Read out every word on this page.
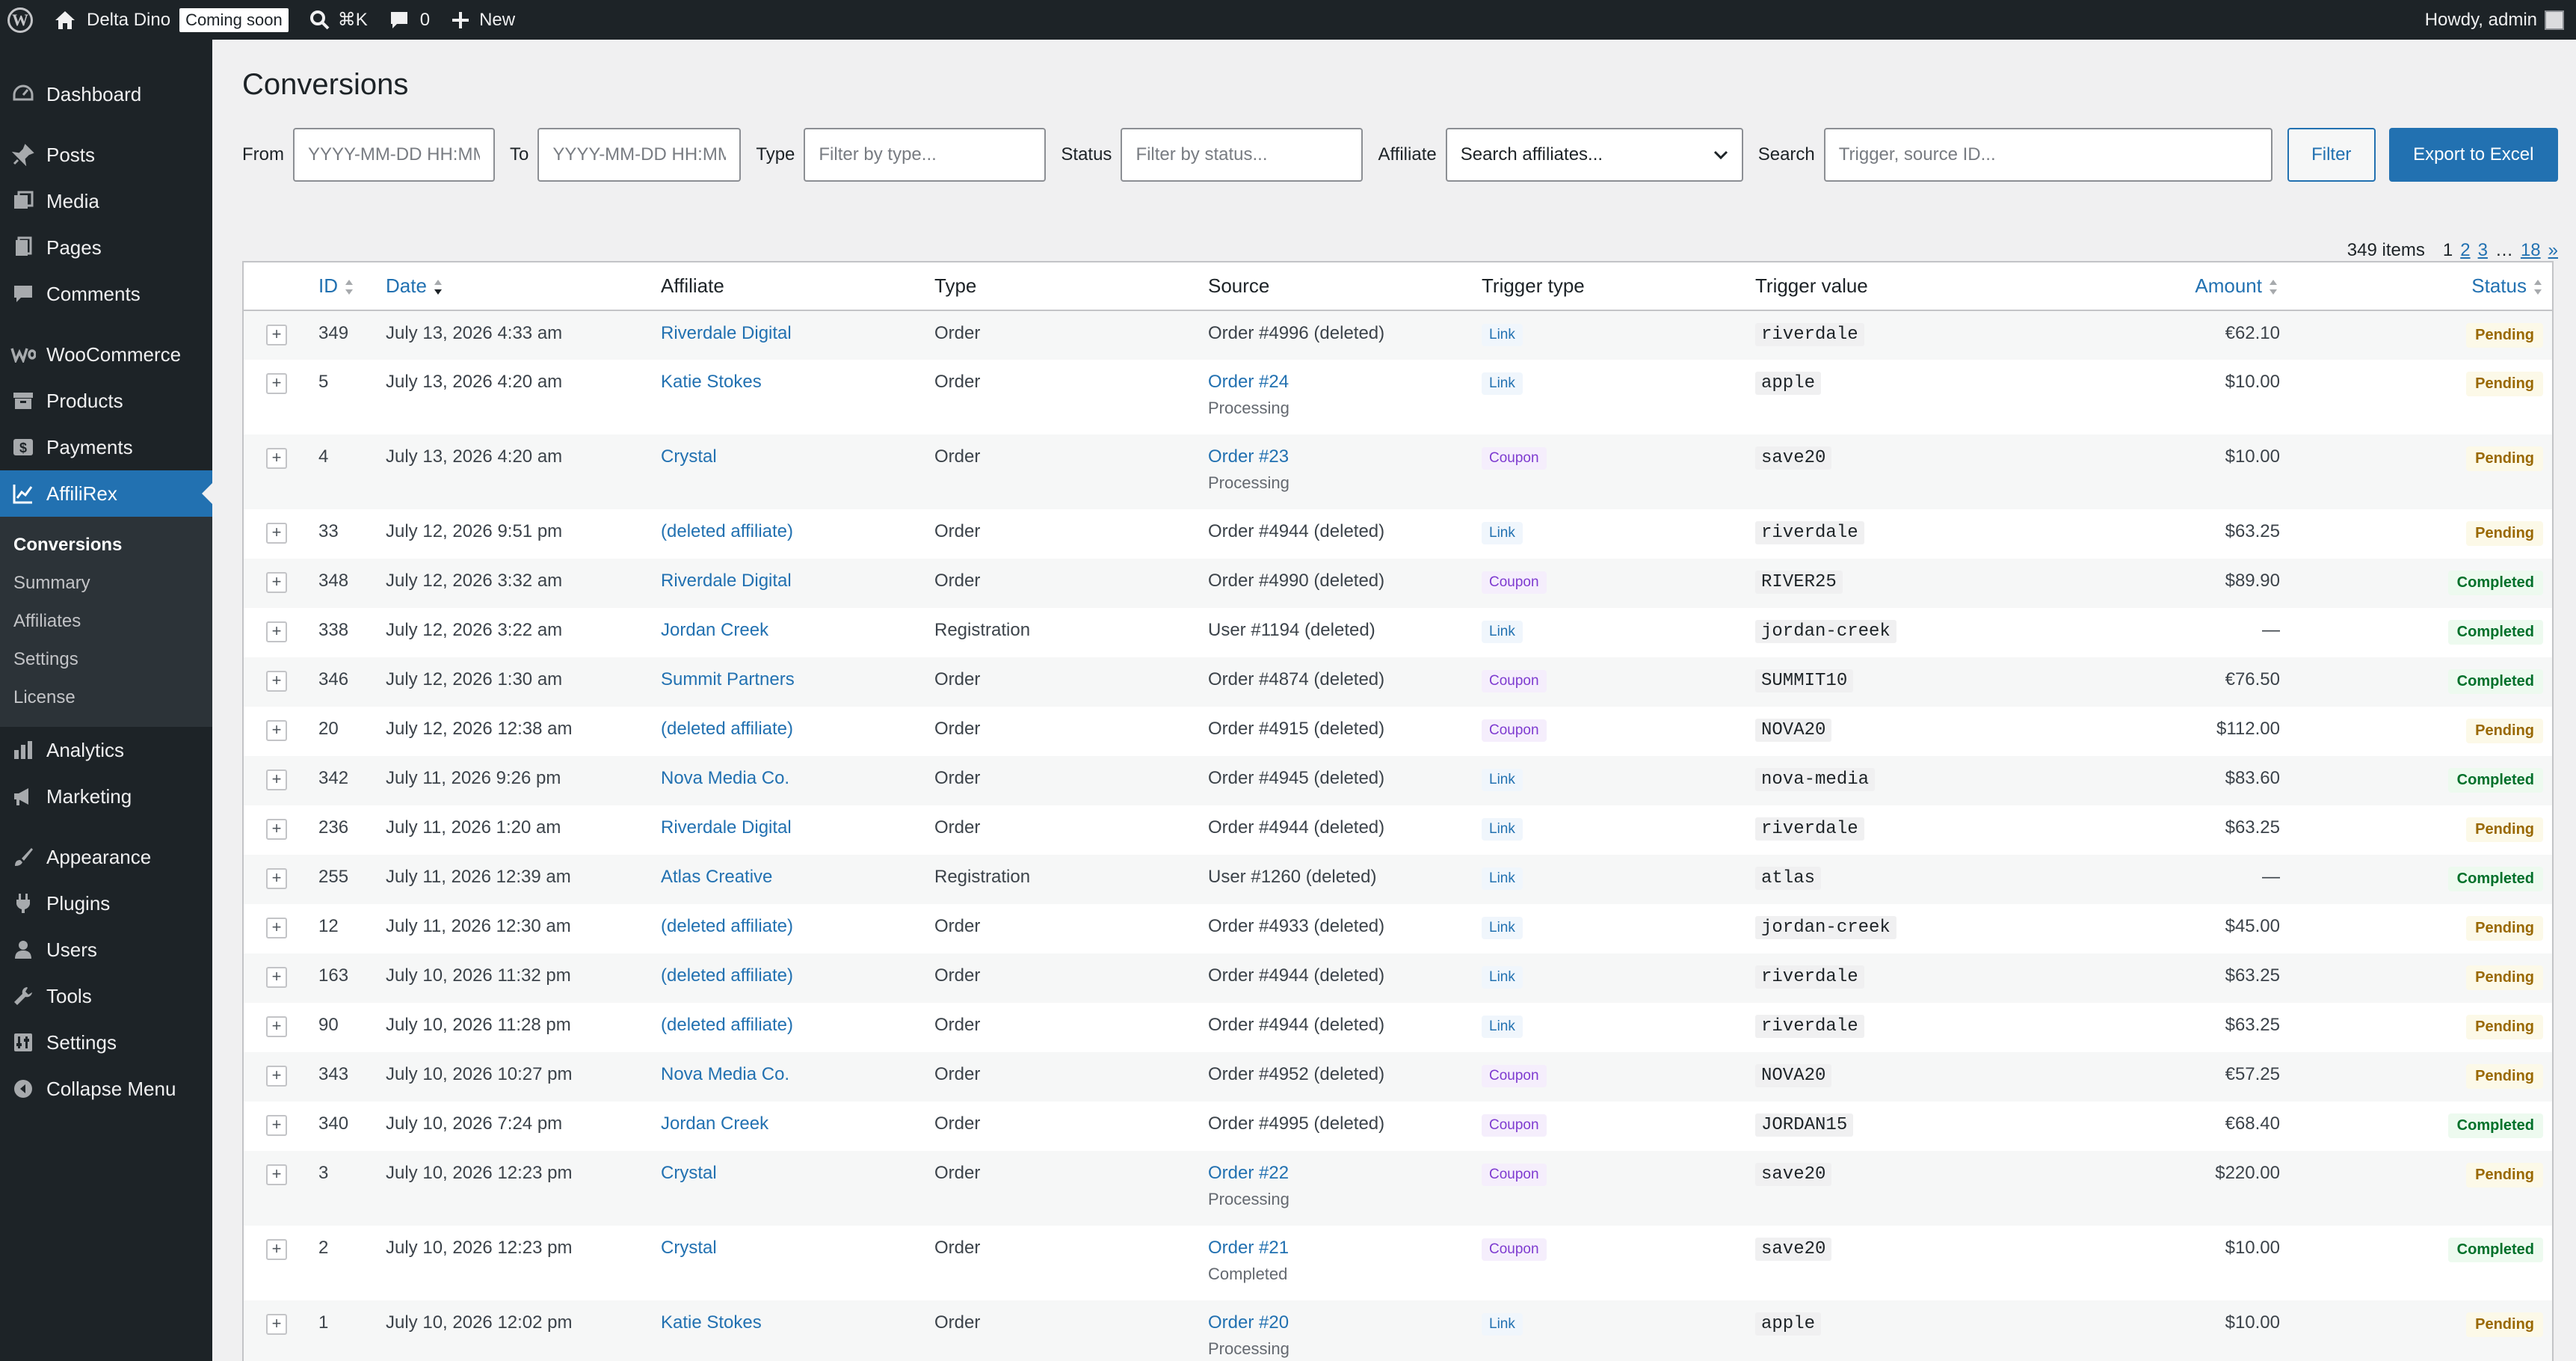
W	Delta Dino Coming soon	⌘K	0	New	Howdy, admin
Dashboard
Posts
Media
Pages
Comments
WooCommerce
Products
$ Payments
AffiliRex
Conversions
Summary
Affiliates
Settings
License
Analytics
Marketing
Appearance
Plugins
Users
Tools
Settings
Collapse Menu
Conversions
From
YYYY-MM-DD HH:MM	To
YYYY-MM-DD HH:MM	Type
Filter by type...	Status
Filter by status...	Affiliate Search affiliates...	Search
Trigger, source ID...	Filter	Export to Excel
349 items 1 2 3 … 18 »
	ID	Date	Affiliate	Type	Source	Trigger type	Trigger value	Amount	Status

+	349	July 13, 2026 4:33 am	Riverdale Digital	Order	Order #4996 (deleted)	Link	riverdale	€62.10	Pending

+	5	July 13, 2026 4:20 am	Katie Stokes	Order	Order #24
Processing	Link	apple	$10.00	Pending

+	4	July 13, 2026 4:20 am	Crystal	Order	Order #23
Processing	Coupon	save20	$10.00	Pending

+	33	July 12, 2026 9:51 pm	(deleted affiliate)	Order	Order #4944 (deleted)	Link	riverdale	$63.25	Pending

+	348	July 12, 2026 3:32 am	Riverdale Digital	Order	Order #4990 (deleted)	Coupon	RIVER25	$89.90	Completed

+	338	July 12, 2026 3:22 am	Jordan Creek	Registration	User #1194 (deleted)	Link	jordan-creek	—	Completed

+	346	July 12, 2026 1:30 am	Summit Partners	Order	Order #4874 (deleted)	Coupon	SUMMIT10	€76.50	Completed

+	20	July 12, 2026 12:38 am	(deleted affiliate)	Order	Order #4915 (deleted)	Coupon	NOVA20	$112.00	Pending

+	342	July 11, 2026 9:26 pm	Nova Media Co.	Order	Order #4945 (deleted)	Link	nova-media	$83.60	Completed

+	236	July 11, 2026 1:20 am	Riverdale Digital	Order	Order #4944 (deleted)	Link	riverdale	$63.25	Pending

+	255	July 11, 2026 12:39 am	Atlas Creative	Registration	User #1260 (deleted)	Link	atlas	—	Completed

+	12	July 11, 2026 12:30 am	(deleted affiliate)	Order	Order #4933 (deleted)	Link	jordan-creek	$45.00	Pending

+	163	July 10, 2026 11:32 pm	(deleted affiliate)	Order	Order #4944 (deleted)	Link	riverdale	$63.25	Pending

+	90	July 10, 2026 11:28 pm	(deleted affiliate)	Order	Order #4944 (deleted)	Link	riverdale	$63.25	Pending

+	343	July 10, 2026 10:27 pm	Nova Media Co.	Order	Order #4952 (deleted)	Coupon	NOVA20	€57.25	Pending

+	340	July 10, 2026 7:24 pm	Jordan Creek	Order	Order #4995 (deleted)	Coupon	JORDAN15	€68.40	Completed

+	3	July 10, 2026 12:23 pm	Crystal	Order	Order #22
Processing	Coupon	save20	$220.00	Pending

+	2	July 10, 2026 12:23 pm	Crystal	Order	Order #21
Completed	Coupon	save20	$10.00	Completed

+	1	July 10, 2026 12:02 pm	Katie Stokes	Order	Order #20
Processing	Link	apple	$10.00	Pending
